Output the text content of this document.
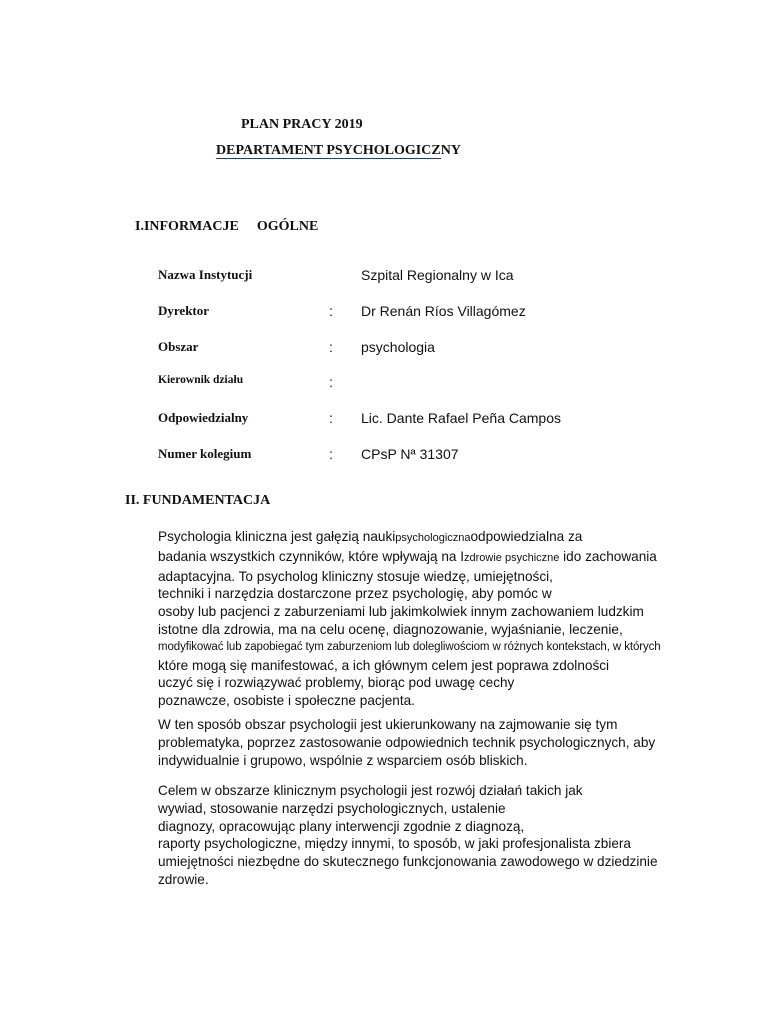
PLAN PRACY 2019
DEPARTAMENT PSYCHOLOGICZNY
I.INFORMACJE OGÓLNE
Nazwa Instytucji	Szpital Regionalny w Ica
Dyrektor	: Dr Renán Ríos Villagómez
Obszar	: psychologia
Kierownik działu	:
Odpowiedzialny	: Lic. Dante Rafael Peña Campos
Numer kolegium	: CPsP Nª 31307
II. FUNDAMENTACJA
Psychologia kliniczna jest gałęzią naukipsychologicznaodpowiedzialna za
badania wszystkich czynników, które wpływają na Izdrowie psychiczne ido zachowania
adaptacyjna. To psycholog kliniczny stosuje wiedzę, umiejętności,
techniki i narzędzia dostarczone przez psychologię, aby pomóc w
osoby lub pacjenci z zaburzeniami lub jakimkolwiek innym zachowaniem ludzkim
istotne dla zdrowia, ma na celu ocenę, diagnozowanie, wyjaśnianie, leczenie,
modyfikować lub zapobiegać tym zaburzeniom lub dolegliwościom w różnych kontekstach, w których
które mogą się manifestować, a ich głównym celem jest poprawa zdolności
uczyć się i rozwiązywać problemy, biorąc pod uwagę cechy
poznawcze, osobiste i społeczne pacjenta.
W ten sposób obszar psychologii jest ukierunkowany na zajmowanie się tym
problematyka, poprzez zastosowanie odpowiednich technik psychologicznych, aby
indywidualnie i grupowo, wspólnie z wsparciem osób bliskich.
Celem w obszarze klinicznym psychologii jest rozwój działań takich jak
wywiad, stosowanie narzędzi psychologicznych, ustalenie
diagnozy, opracowując plany interwencji zgodnie z diagnozą,
raporty psychologiczne, między innymi, to sposób, w jaki profesjonalista zbiera
umiejętności niezbędne do skutecznego funkcjonowania zawodowego w dziedzinie
zdrowie.
